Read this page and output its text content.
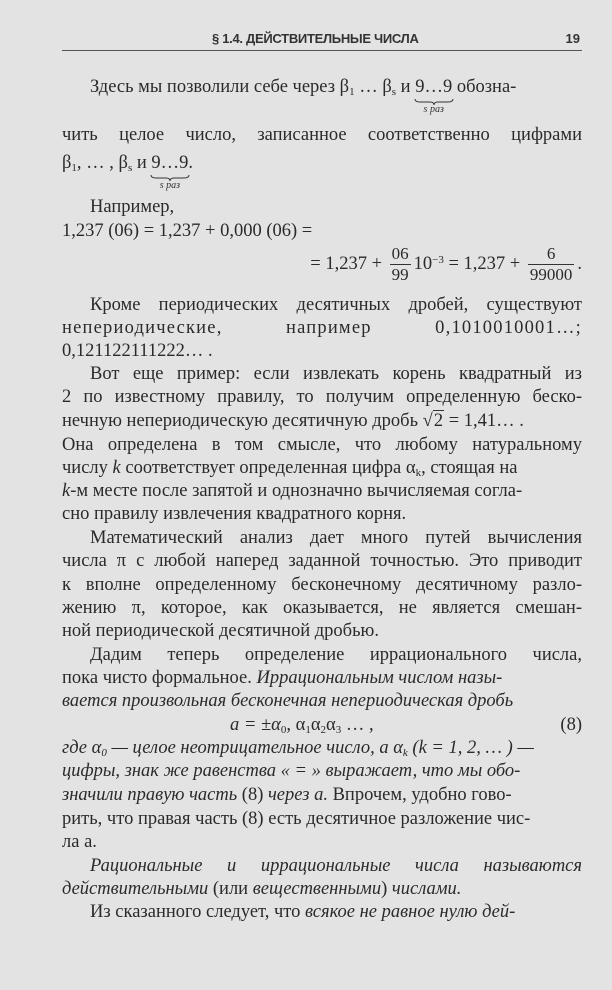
§ 1.4. ДЕЙСТВИТЕЛЬНЫЕ ЧИСЛА	19
Здесь мы позволили себе через $\beta_1$ … $\beta_s$ и 9…9
s раз
обозна-
чить целое число, записанное соответственно цифрами
$\beta_1$, … , $\beta_s$ и 9…9
s раз
.
Например,
1,237 (06) = 1,237 + 0,000 (06) =
= $1,237 + \frac{06}{99} 10^{-3} = 1,237 + \frac{6}{99000}$ .
Кроме периодических десятичных дробей, существуют
непериодические,	например	0,1010010001…;
0,121122111222… .
Вот еще пример: если извлекать корень квадратный из
2 по известному правилу, то получим определенную беско-
нечную непериодическую десятичную дробь √2 = 1,41… .
Она определена в том смысле, что любому натуральному
числу k соответствует определенная цифра $\alpha_k$, стоящая на
k-м месте после запятой и однозначно вычисляемая согла-
сно правилу извлечения квадратного корня.
Математический анализ дает много путей вычисления
числа π с любой наперед заданной точностью. Это приводит
к вполне определенному бесконечному десятичному разло-
жению π, которое, как оказывается, не является смешан-
ной периодической десятичной дробью.
Дадим теперь определение иррационального числа,
пока чисто формальное. Иррациональным числом назы-
вается произвольная бесконечная непериодическая дробь
$a = \pm\alpha_0$, $\alpha_1\alpha_2\alpha_3$ … ,	(8)
где $\alpha_0$ — целое неотрицательное число, а $\alpha_k$ (k = 1, 2, … ) —
цифры, знак же равенства « = » выражает, что мы обо-
значили правую часть (8) через а. Впрочем, удобно гово-
рить, что правая часть (8) есть десятичное разложение чис-
ла а.
Рациональные и иррациональные числа называются
действительными (или вещественными) числами.
Из сказанного следует, что всякое не равное нулю дей-
